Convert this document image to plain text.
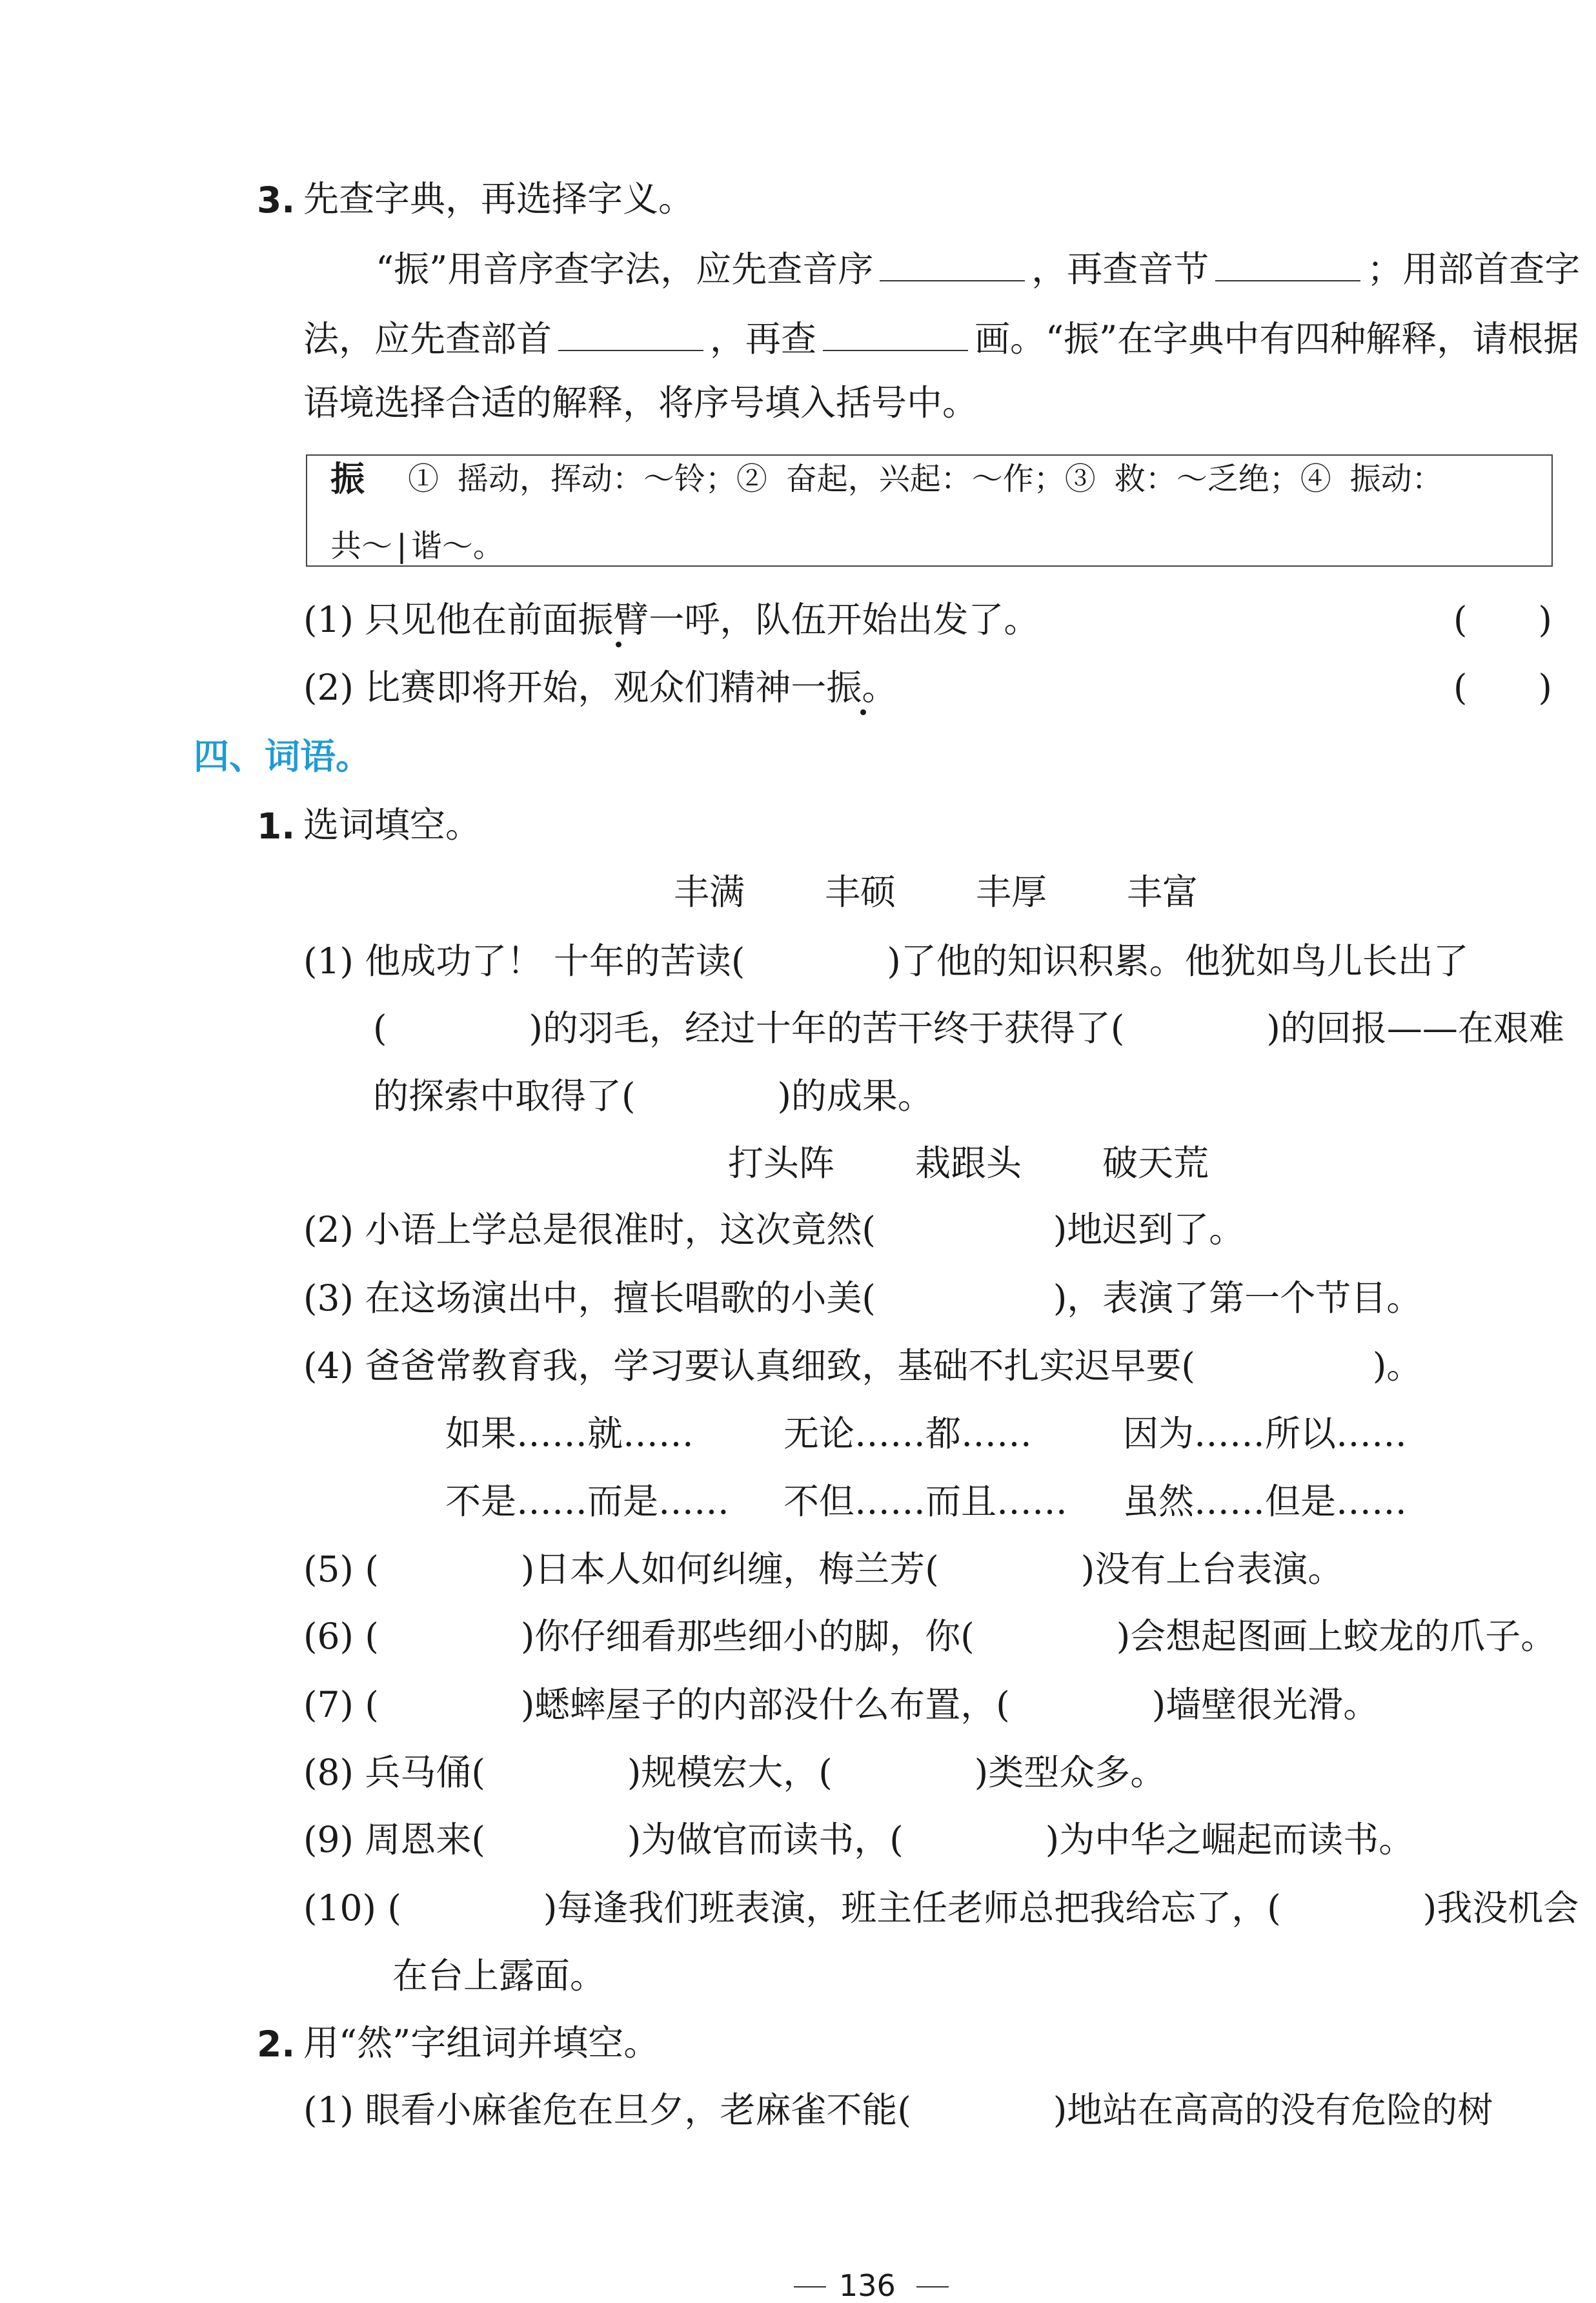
3. 先查字典，再选择字义。
“振”用音序查字法，应先查音序	，再查音节	；用部首查字
法，应先查部首	，再查	画。“振”在字典中有四种解释，请根据
语境选择合适的解释，将序号填入括号中。
振 ① 摇动，挥动：～铃；② 奋起，兴起：～作；③ 救：～乏绝；④ 振动：
共～|谐～。
(1) 只见他在前面振臂一呼，队伍开始出发了。	(　　)
(2) 比赛即将开始，观众们精神一振。	(　　)
四、词语。
1. 选词填空。
丰满 丰硕 丰厚 丰富
(1) 他成功了！ 十年的苦读(　　　　)了他的知识积累。他犹如鸟儿长出了
(　　　　)的羽毛，经过十年的苦干终于获得了(　　　　)的回报——在艰难
的探索中取得了(　　　　)的成果。
打头阵 栽跟头 破天荒
(2) 小语上学总是很准时，这次竟然(　　　　　)地迟到了。
(3) 在这场演出中，擅长唱歌的小美(　　　　　)，表演了第一个节目。
(4) 爸爸常教育我，学习要认真细致，基础不扎实迟早要(　　　　　)。
如果……就……	无论……都……	因为……所以……
不是……而是…… 不但……而且…… 虽然……但是……
(5) (　　　　)日本人如何纠缠，梅兰芳(　　　　)没有上台表演。
(6) (　　　　)你仔细看那些细小的脚，你(　　　　)会想起图画上蛟龙的爪子。
(7) (　　　　)蟋蟀屋子的内部没什么布置，(　　　　)墙壁很光滑。
(8) 兵马俑(　　　　)规模宏大，(　　　　)类型众多。
(9) 周恩来(　　　　)为做官而读书，(　　　　)为中华之崛起而读书。
(10) (　　　　)每逢我们班表演，班主任老师总把我给忘了，(　　　　)我没机会
在台上露面。
2. 用“然”字组词并填空。
(1) 眼看小麻雀危在旦夕，老麻雀不能(　　　　)地站在高高的没有危险的树
136
